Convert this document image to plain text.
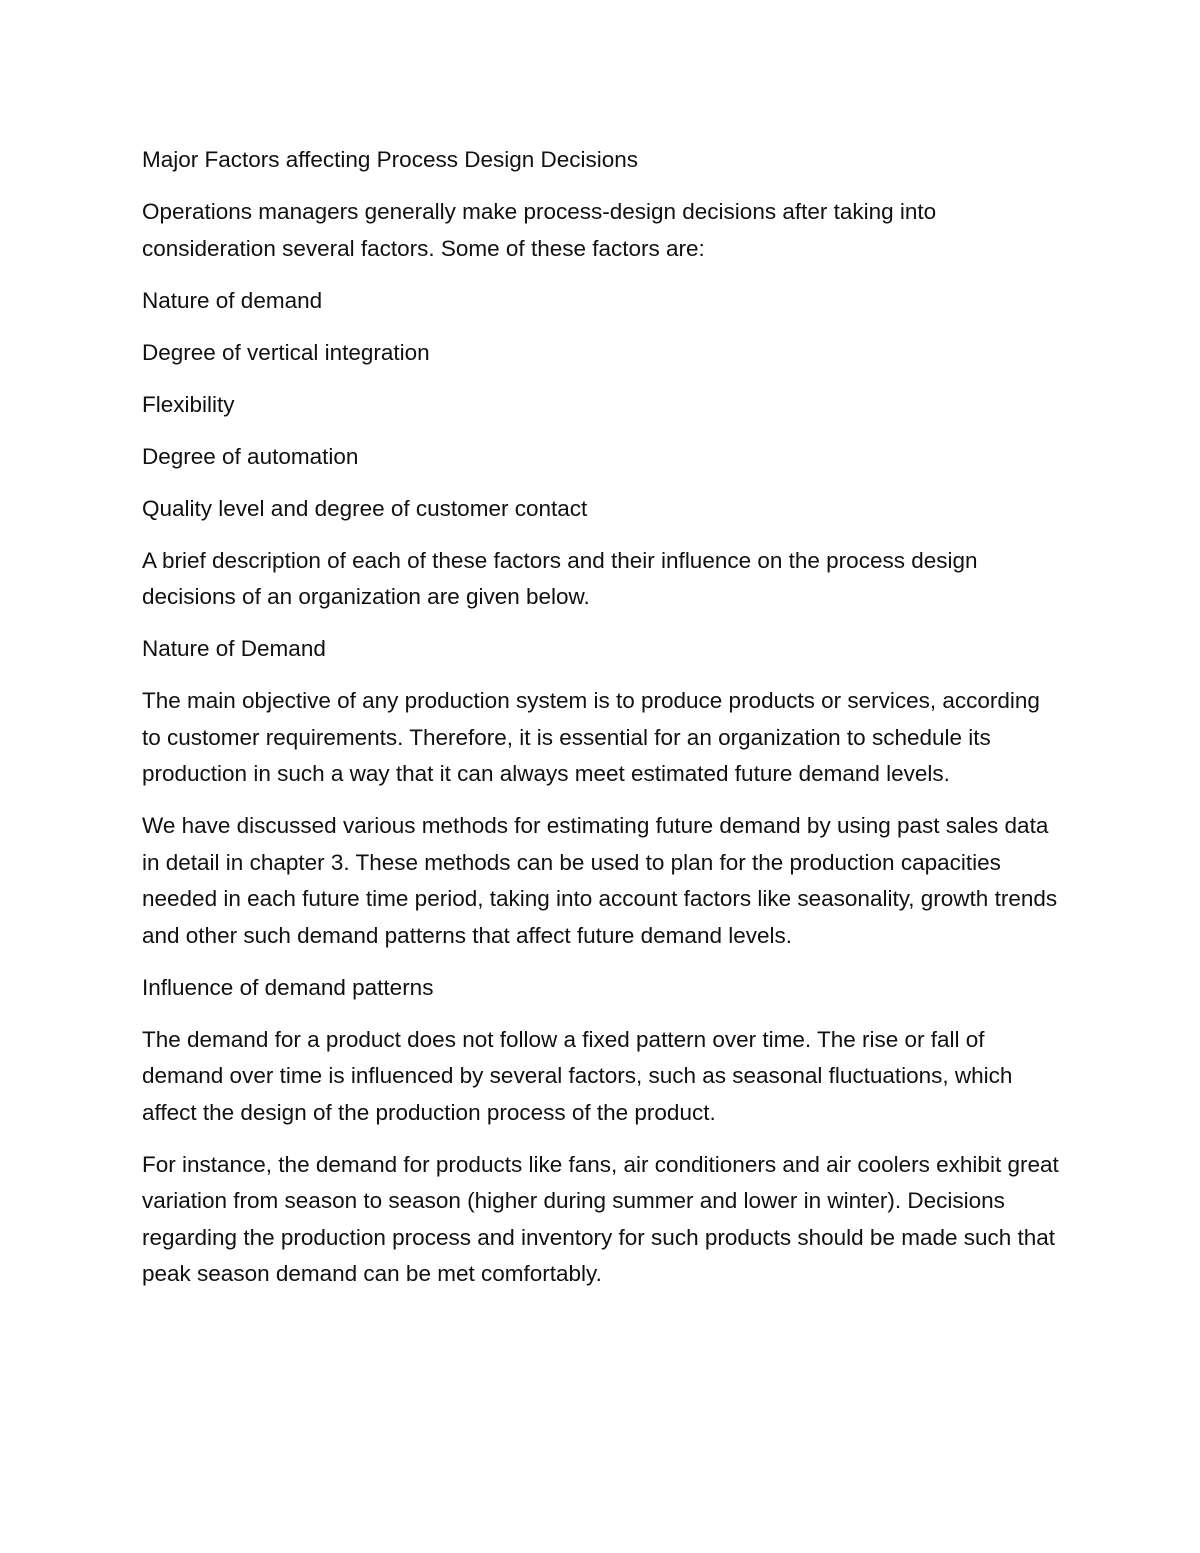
Major Factors affecting Process Design Decisions

Operations managers generally make process-design decisions after taking into consideration several factors. Some of these factors are:

Nature of demand

Degree of vertical integration

Flexibility

Degree of automation

Quality level and degree of customer contact

A brief description of each of these factors and their influence on the process design decisions of an organization are given below.

Nature of Demand

The main objective of any production system is to produce products or services, according to customer requirements. Therefore, it is essential for an organization to schedule its production in such a way that it can always meet estimated future demand levels.

We have discussed various methods for estimating future demand by using past sales data in detail in chapter 3. These methods can be used to plan for the production capacities needed in each future time period, taking into account factors like seasonality, growth trends and other such demand patterns that affect future demand levels.

Influence of demand patterns

The demand for a product does not follow a fixed pattern over time. The rise or fall of demand over time is influenced by several factors, such as seasonal fluctuations, which affect the design of the production process of the product.

For instance, the demand for products like fans, air conditioners and air coolers exhibit great variation from season to season (higher during summer and lower in winter). Decisions regarding the production process and inventory for such products should be made such that peak season demand can be met comfortably.
